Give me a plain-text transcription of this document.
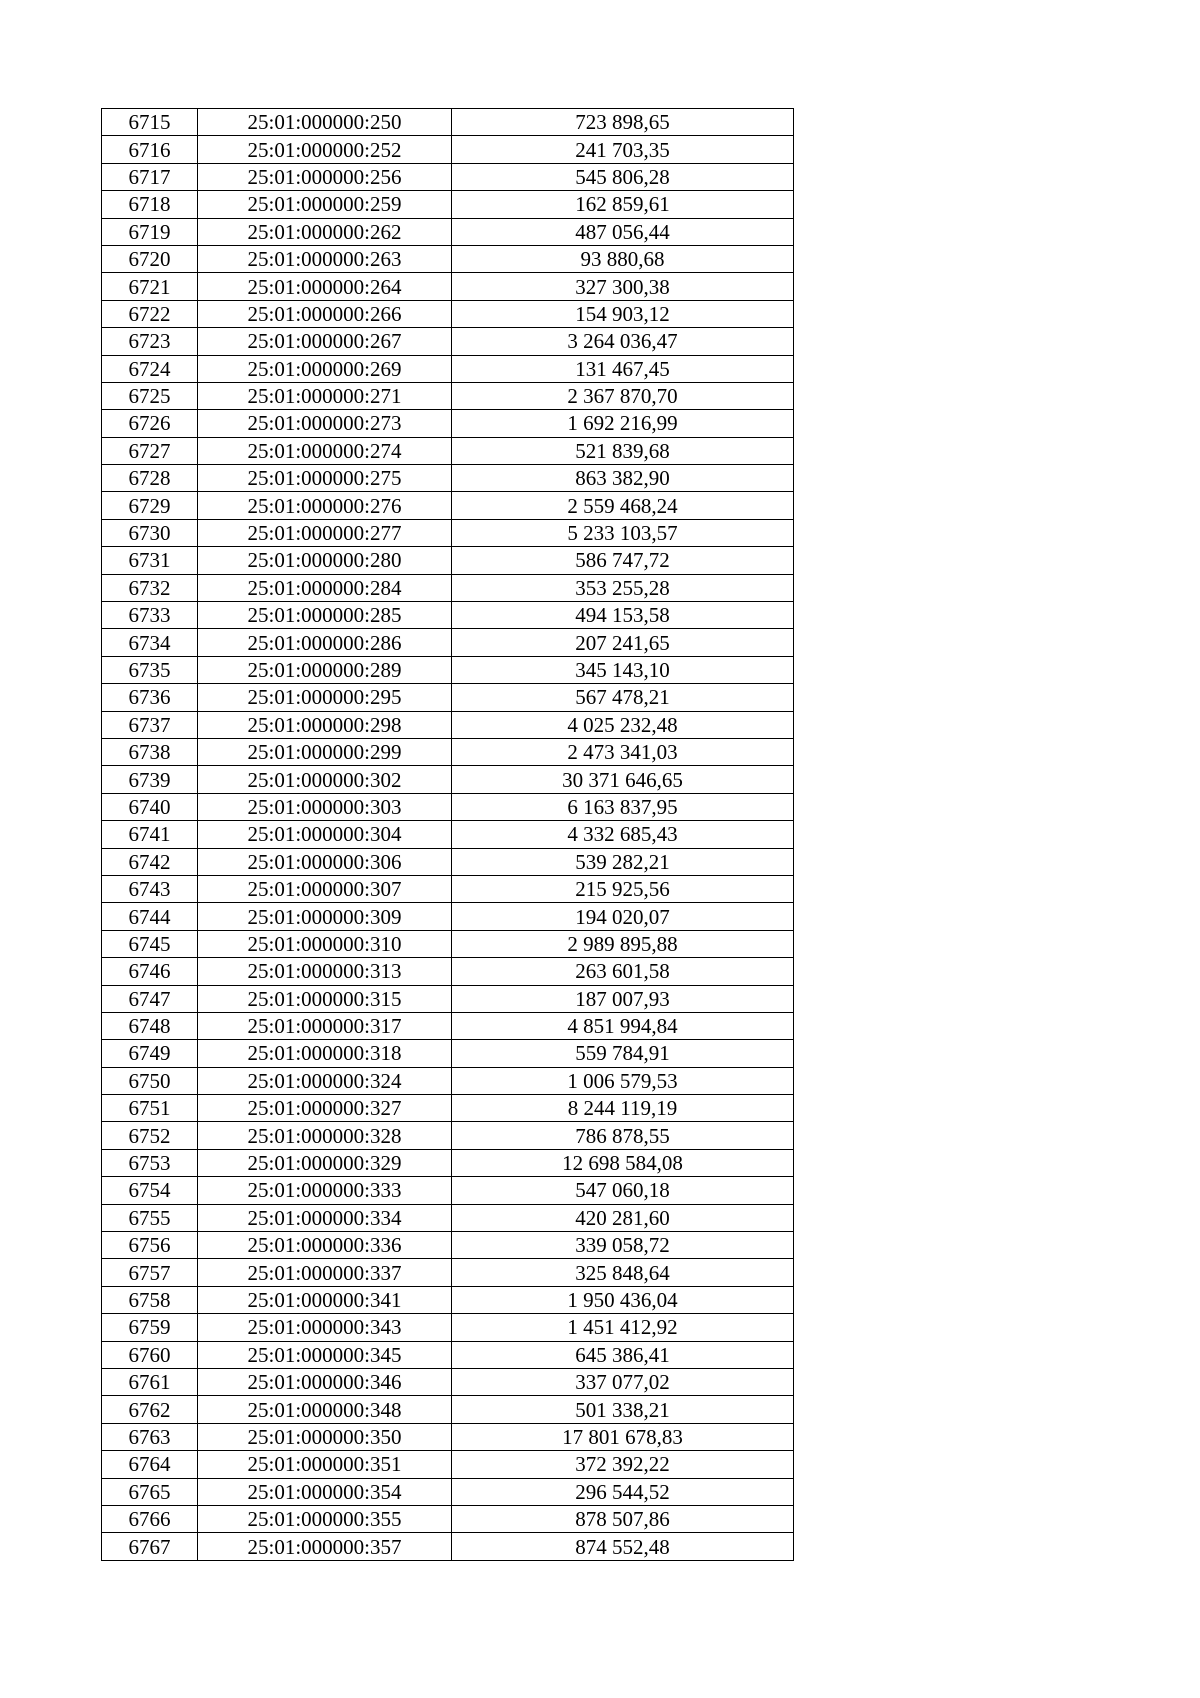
6715	25:01:000000:250	723 898,65
6716	25:01:000000:252	241 703,35
6717	25:01:000000:256	545 806,28
6718	25:01:000000:259	162 859,61
6719	25:01:000000:262	487 056,44
6720	25:01:000000:263	93 880,68
6721	25:01:000000:264	327 300,38
6722	25:01:000000:266	154 903,12
6723	25:01:000000:267	3 264 036,47
6724	25:01:000000:269	131 467,45
6725	25:01:000000:271	2 367 870,70
6726	25:01:000000:273	1 692 216,99
6727	25:01:000000:274	521 839,68
6728	25:01:000000:275	863 382,90
6729	25:01:000000:276	2 559 468,24
6730	25:01:000000:277	5 233 103,57
6731	25:01:000000:280	586 747,72
6732	25:01:000000:284	353 255,28
6733	25:01:000000:285	494 153,58
6734	25:01:000000:286	207 241,65
6735	25:01:000000:289	345 143,10
6736	25:01:000000:295	567 478,21
6737	25:01:000000:298	4 025 232,48
6738	25:01:000000:299	2 473 341,03
6739	25:01:000000:302	30 371 646,65
6740	25:01:000000:303	6 163 837,95
6741	25:01:000000:304	4 332 685,43
6742	25:01:000000:306	539 282,21
6743	25:01:000000:307	215 925,56
6744	25:01:000000:309	194 020,07
6745	25:01:000000:310	2 989 895,88
6746	25:01:000000:313	263 601,58
6747	25:01:000000:315	187 007,93
6748	25:01:000000:317	4 851 994,84
6749	25:01:000000:318	559 784,91
6750	25:01:000000:324	1 006 579,53
6751	25:01:000000:327	8 244 119,19
6752	25:01:000000:328	786 878,55
6753	25:01:000000:329	12 698 584,08
6754	25:01:000000:333	547 060,18
6755	25:01:000000:334	420 281,60
6756	25:01:000000:336	339 058,72
6757	25:01:000000:337	325 848,64
6758	25:01:000000:341	1 950 436,04
6759	25:01:000000:343	1 451 412,92
6760	25:01:000000:345	645 386,41
6761	25:01:000000:346	337 077,02
6762	25:01:000000:348	501 338,21
6763	25:01:000000:350	17 801 678,83
6764	25:01:000000:351	372 392,22
6765	25:01:000000:354	296 544,52
6766	25:01:000000:355	878 507,86
6767	25:01:000000:357	874 552,48
